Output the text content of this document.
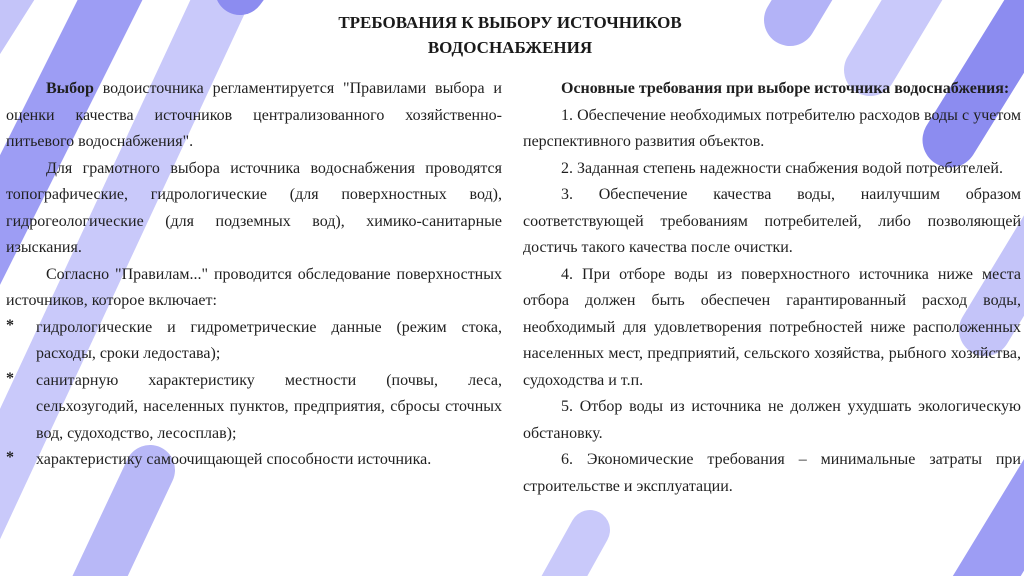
ТРЕБОВАНИЯ К ВЫБОРУ ИСТОЧНИКОВ
ВОДОСНАБЖЕНИЯ

Выбор водоисточника регламентируется "Правилами выбора и оценки качества источников централизованного хозяйственно-питьевого водоснабжения".

Для грамотного выбора источника водоснабжения проводятся топографические, гидрологические (для поверхностных вод), гидрогеологические (для подземных вод), химико-санитарные изыскания.

Согласно "Правилам..." проводится обследование поверхностных источников, которое включает:

* гидрологические и гидрометрические данные (режим стока, расходы, сроки ледостава);
* санитарную характеристику местности (почвы, леса, сельхозугодий, населенных пунктов, предприятия, сбросы сточных вод, судоходство, лесосплав);
* характеристику самоочищающей способности источника.

Основные требования при выборе источника водоснабжения:

1. Обеспечение необходимых потребителю расходов воды с учетом перспективного развития объектов.

2. Заданная степень надежности снабжения водой потребителей.

3. Обеспечение качества воды, наилучшим образом соответствующей требованиям потребителей, либо позволяющей достичь такого качества после очистки.

4. При отборе воды из поверхностного источника ниже места отбора должен быть обеспечен гарантированный расход воды, необходимый для удовлетворения потребностей ниже расположенных населенных мест, предприятий, сельского хозяйства, рыбного хозяйства, судоходства и т.п.

5. Отбор воды из источника не должен ухудшать экологическую обстановку.

6. Экономические требования – минимальные затраты при строительстве и эксплуатации.
